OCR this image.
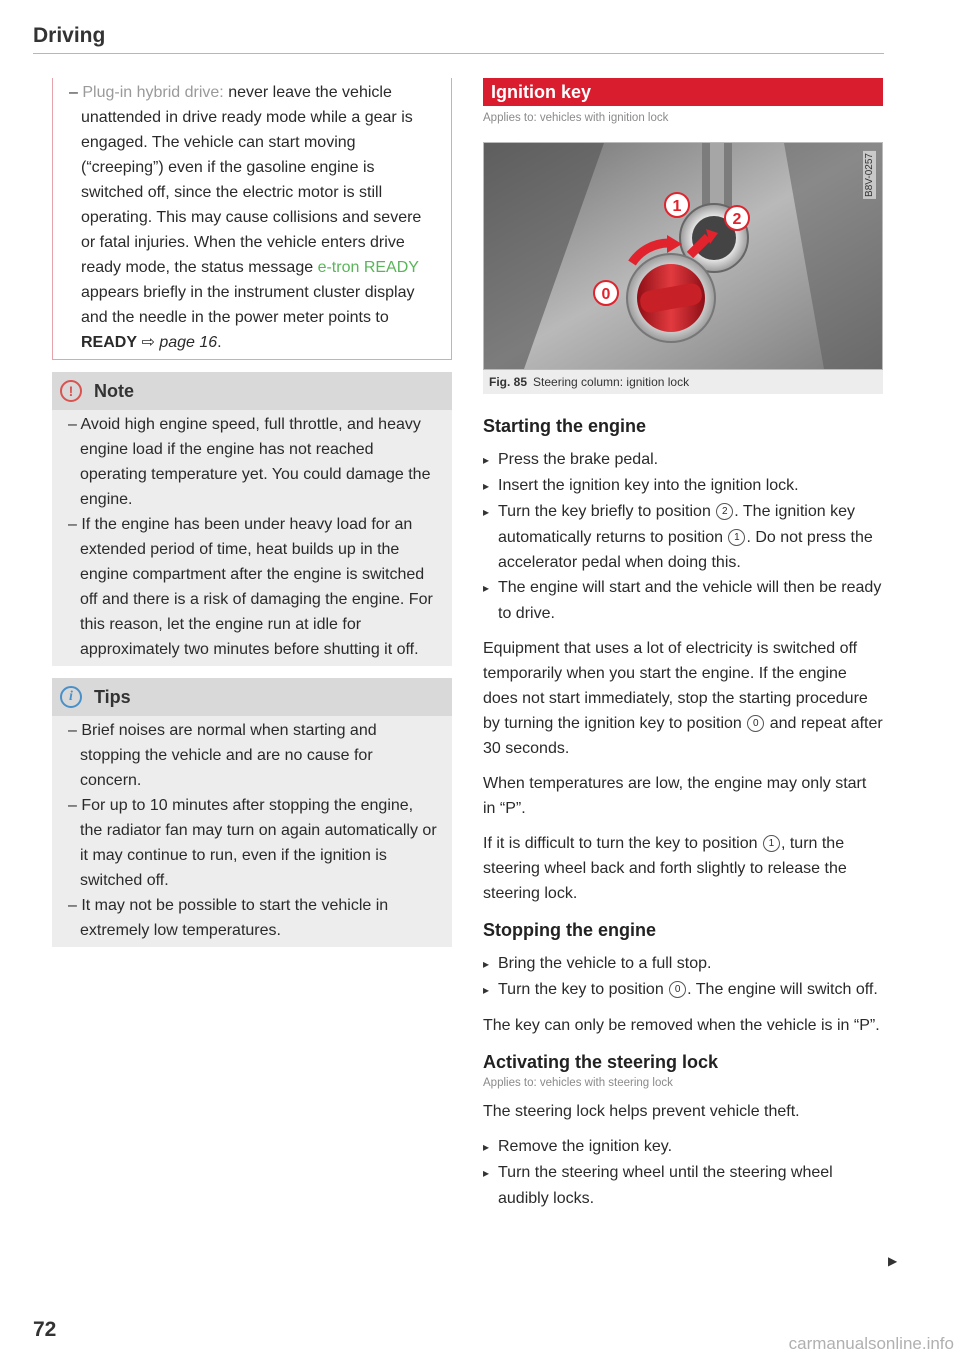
Driving
– Plug-in hybrid drive: never leave the vehicle unattended in drive ready mode while a gear is engaged. The vehicle can start moving (“creeping”) even if the gasoline engine is switched off, since the electric motor is still operating. This may cause collisions and severe or fatal injuries. When the vehicle enters drive ready mode, the status message e-tron READY appears briefly in the instrument cluster display and the needle in the power meter points to READY ⇨ page 16.
!	Note
– Avoid high engine speed, full throttle, and heavy engine load if the engine has not reached operating temperature yet. You could damage the engine.
– If the engine has been under heavy load for an extended period of time, heat builds up in the engine compartment after the engine is switched off and there is a risk of damaging the engine. For this reason, let the engine run at idle for approximately two minutes before shutting it off.
i	Tips
– Brief noises are normal when starting and stopping the vehicle and are no cause for concern.
– For up to 10 minutes after stopping the engine, the radiator fan may turn on again automatically or it may continue to run, even if the ignition is switched off.
– It may not be possible to start the vehicle in extremely low temperatures.
Ignition key
Applies to: vehicles with ignition lock
1
2
0
B8V-0257
Fig. 85 Steering column: ignition lock
Starting the engine
▸ Press the brake pedal.
▸ Insert the ignition key into the ignition lock.
▸ Turn the key briefly to position 2 . The ignition key automatically returns to position 1 . Do not press the accelerator pedal when doing this.
▸ The engine will start and the vehicle will then be ready to drive.
Equipment that uses a lot of electricity is switched off temporarily when you start the engine. If the engine does not start immediately, stop the starting procedure by turning the ignition key to position 0 and repeat after 30 seconds.
When temperatures are low, the engine may only start in “P”.
If it is difficult to turn the key to position 1 , turn the steering wheel back and forth slightly to release the steering lock.
Stopping the engine
▸ Bring the vehicle to a full stop.
▸ Turn the key to position 0 . The engine will switch off.
The key can only be removed when the vehicle is in “P”.
Activating the steering lock
Applies to: vehicles with steering lock
The steering lock helps prevent vehicle theft.
▸ Remove the ignition key.
▸ Turn the steering wheel until the steering wheel audibly locks.
▶
72
carmanualsonline.info
